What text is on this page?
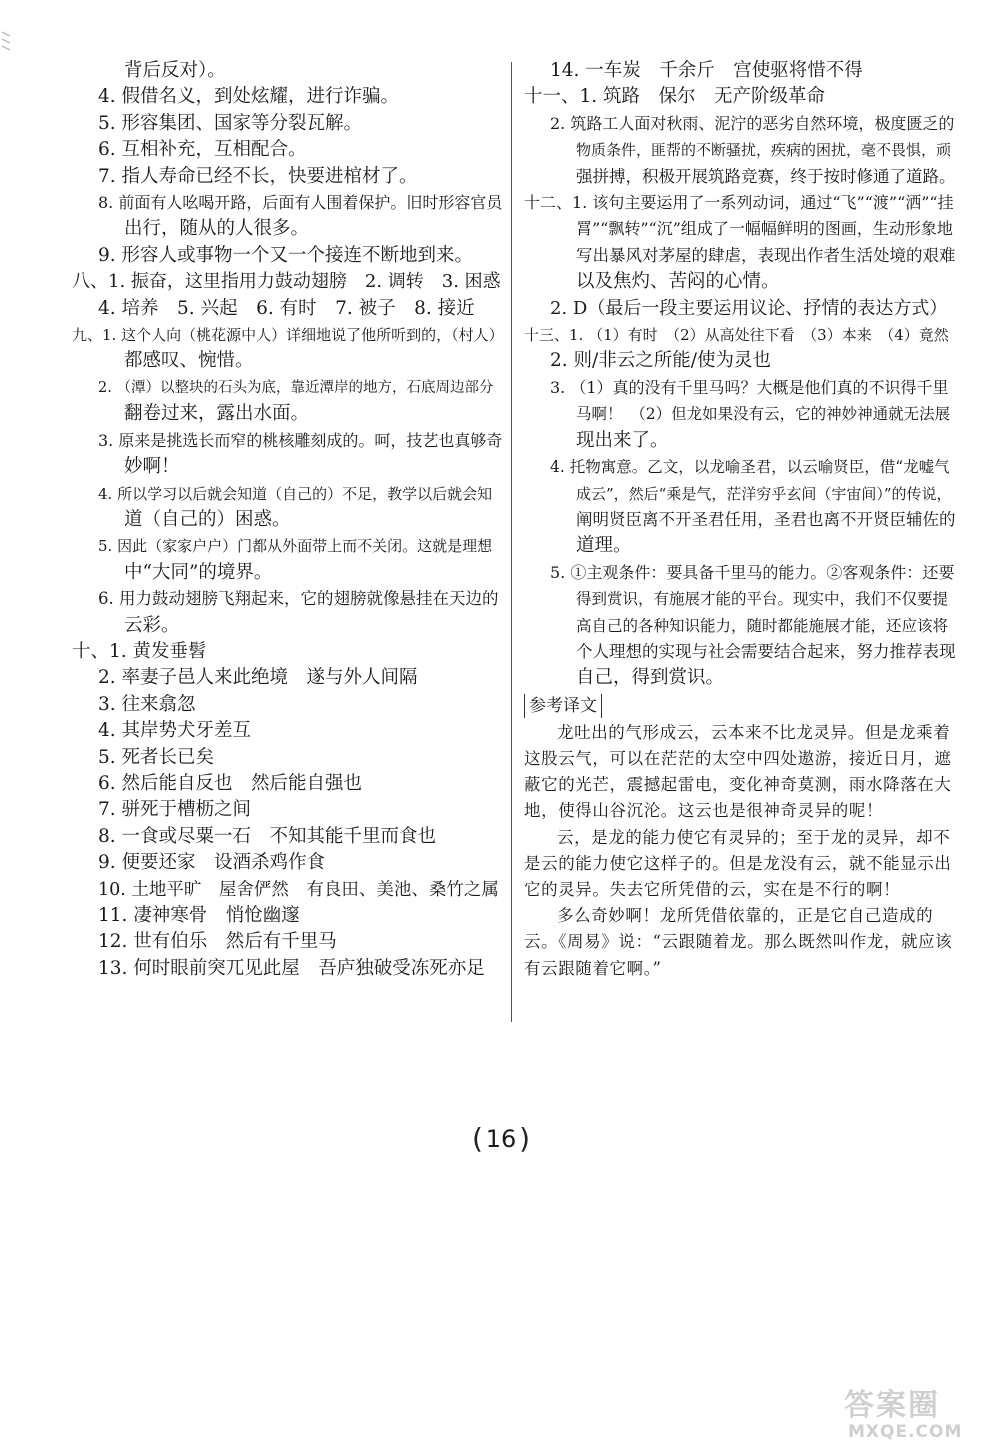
背后反对）。
4. 假借名义，到处炫耀，进行诈骗。
5. 形容集团、国家等分裂瓦解。
6. 互相补充，互相配合。
7. 指人寿命已经不长，快要进棺材了。
8. 前面有人吆喝开路，后面有人围着保护。旧时形容官员
出行，随从的人很多。
9. 形容人或事物一个又一个接连不断地到来。
八、1. 振奋，这里指用力鼓动翅膀　2. 调转　3. 困惑
4. 培养　5. 兴起　6. 有时　7. 被子　8. 接近
九、1. 这个人向（桃花源中人）详细地说了他所听到的，（村人）
都感叹、惋惜。
2. （潭）以整块的石头为底，靠近潭岸的地方，石底周边部分
翻卷过来，露出水面。
3. 原来是挑选长而窄的桃核雕刻成的。呵，技艺也真够奇
妙啊！
4. 所以学习以后就会知道（自己的）不足，教学以后就会知
道（自己的）困惑。
5. 因此（家家户户）门都从外面带上而不关闭。这就是理想
中“大同”的境界。
6. 用力鼓动翅膀飞翔起来，它的翅膀就像悬挂在天边的
云彩。
十、1. 黄发垂髫
2. 率妻子邑人来此绝境　遂与外人间隔
3. 往来翕忽
4. 其岸势犬牙差互
5. 死者长已矣
6. 然后能自反也　然后能自强也
7. 骈死于槽枥之间
8. 一食或尽粟一石　不知其能千里而食也
9. 便要还家　设酒杀鸡作食
10. 土地平旷　屋舍俨然　有良田、美池、桑竹之属
11. 凄神寒骨　悄怆幽邃
12. 世有伯乐　然后有千里马
13. 何时眼前突兀见此屋　吾庐独破受冻死亦足
14. 一车炭　千余斤　宫使驱将惜不得
十一、1. 筑路　保尔　无产阶级革命
2. 筑路工人面对秋雨、泥泞的恶劣自然环境，极度匮乏的
物质条件，匪帮的不断骚扰，疾病的困扰，毫不畏惧，顽
强拼搏，积极开展筑路竞赛，终于按时修通了道路。
十二、1. 该句主要运用了一系列动词，通过“飞”“渡”“洒”“挂
罥”“飘转”“沉”组成了一幅幅鲜明的图画，生动形象地
写出暴风对茅屋的肆虐，表现出作者生活处境的艰难
以及焦灼、苦闷的心情。
2. D（最后一段主要运用议论、抒情的表达方式）
十三、1. （1）有时　（2）从高处往下看　（3）本来　（4）竟然
2. 则/非云之所能/使为灵也
3. （1）真的没有千里马吗？大概是他们真的不识得千里
马啊！　（2）但龙如果没有云，它的神妙神通就无法展
现出来了。
4. 托物寓意。乙文，以龙喻圣君，以云喻贤臣，借“龙嘘气
成云”，然后“乘是气，茫洋穷乎玄间（宇宙间）”的传说，
阐明贤臣离不开圣君任用，圣君也离不开贤臣辅佐的
道理。
5. ①主观条件：要具备千里马的能力。②客观条件：还要
得到赏识，有施展才能的平台。现实中，我们不仅要提
高自己的各种知识能力，随时都能施展才能，还应该将
个人理想的实现与社会需要结合起来，努力推荐表现
自己，得到赏识。
参考译文

龙吐出的气形成云，云本来不比龙灵异。但是龙乘着这股云气，可以在茫茫的太空中四处遨游，接近日月，遮蔽它的光芒，震撼起雷电，变化神奇莫测，雨水降落在大地，使得山谷沉沦。这云也是很神奇灵异的呢！

云，是龙的能力使它有灵异的；至于龙的灵异，却不是云的能力使它这样子的。但是龙没有云，就不能显示出它的灵异。失去它所凭借的云，实在是不行的啊！

多么奇妙啊！龙所凭借依靠的，正是它自己造成的云。《周易》说：“云跟随着龙。那么既然叫作龙，就应该有云跟随着它啊。”

( 16 )
答案圈
MXQE.COM
